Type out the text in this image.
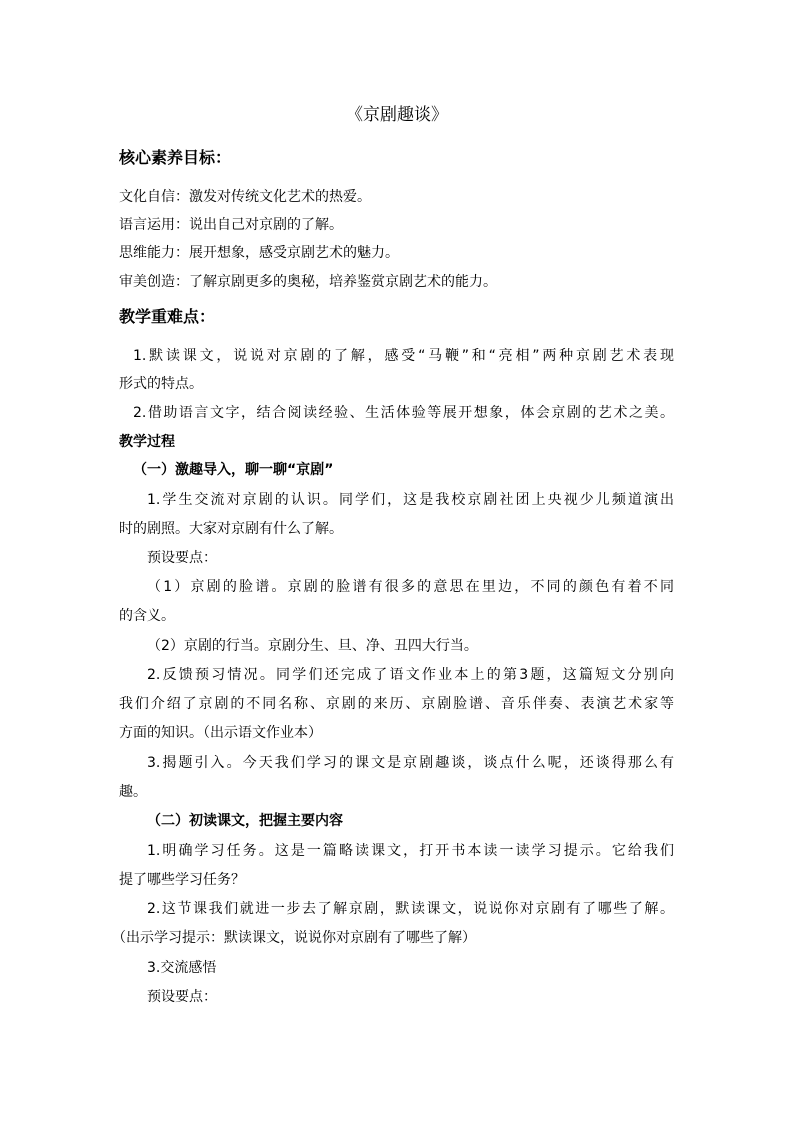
《京剧趣谈》
核心素养目标：
文化自信：激发对传统文化艺术的热爱。
语言运用：说出自己对京剧的了解。
思维能力：展开想象，感受京剧艺术的魅力。
审美创造：了解京剧更多的奥秘，培养鉴赏京剧艺术的能力。
教学重难点：
1.默读课文，说说对京剧的了解，感受“马鞭”和“亮相”两种京剧艺术表现
形式的特点。
2.借助语言文字，结合阅读经验、生活体验等展开想象，体会京剧的艺术之美。
教学过程
（一）激趣导入，聊一聊“京剧”
1.学生交流对京剧的认识。同学们，这是我校京剧社团上央视少儿频道演出
时的剧照。大家对京剧有什么了解。
预设要点：
（1）京剧的脸谱。京剧的脸谱有很多的意思在里边，不同的颜色有着不同
的含义。
（2）京剧的行当。京剧分生、旦、净、丑四大行当。
2.反馈预习情况。同学们还完成了语文作业本上的第3题，这篇短文分别向
我们介绍了京剧的不同名称、京剧的来历、京剧脸谱、音乐伴奏、表演艺术家等
方面的知识。（出示语文作业本）
3.揭题引入。今天我们学习的课文是京剧趣谈，谈点什么呢，还谈得那么有
趣。
（二）初读课文，把握主要内容
1.明确学习任务。这是一篇略读课文，打开书本读一读学习提示。它给我们
提了哪些学习任务？
2.这节课我们就进一步去了解京剧，默读课文，说说你对京剧有了哪些了解。
（出示学习提示：默读课文，说说你对京剧有了哪些了解）
3.交流感悟
预设要点：
